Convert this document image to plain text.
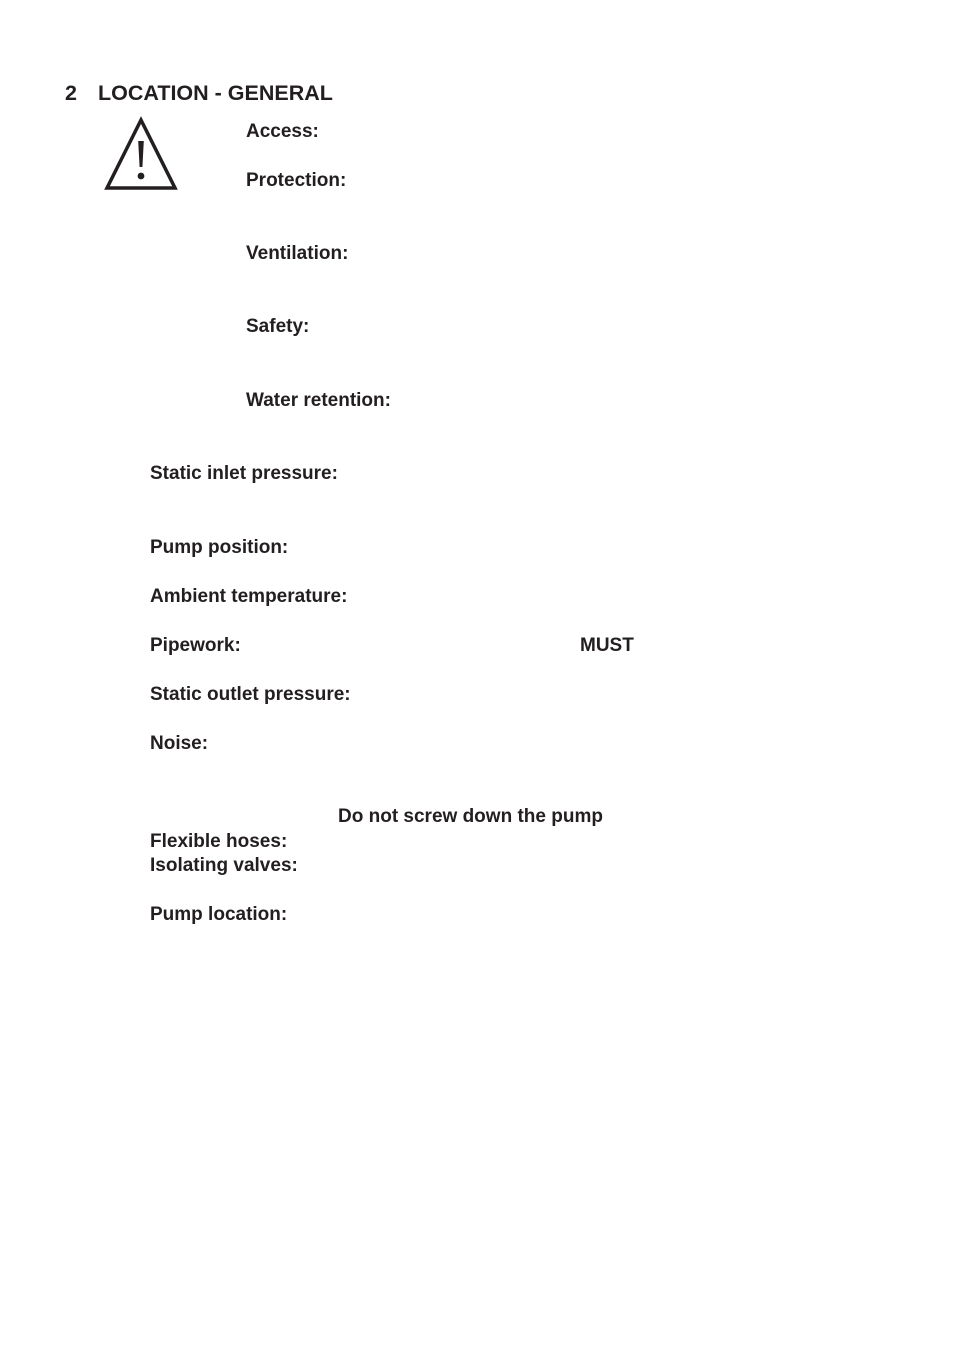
2 LOCATION - GENERAL
Access:
Protection:
Ventilation:
Safety:
Water retention:
Static inlet pressure:
Pump position:
Ambient temperature:
Pipework:	MUST
Static outlet pressure:
Noise:
Do not screw down the pump
Flexible hoses:
Isolating valves:
Pump location:
